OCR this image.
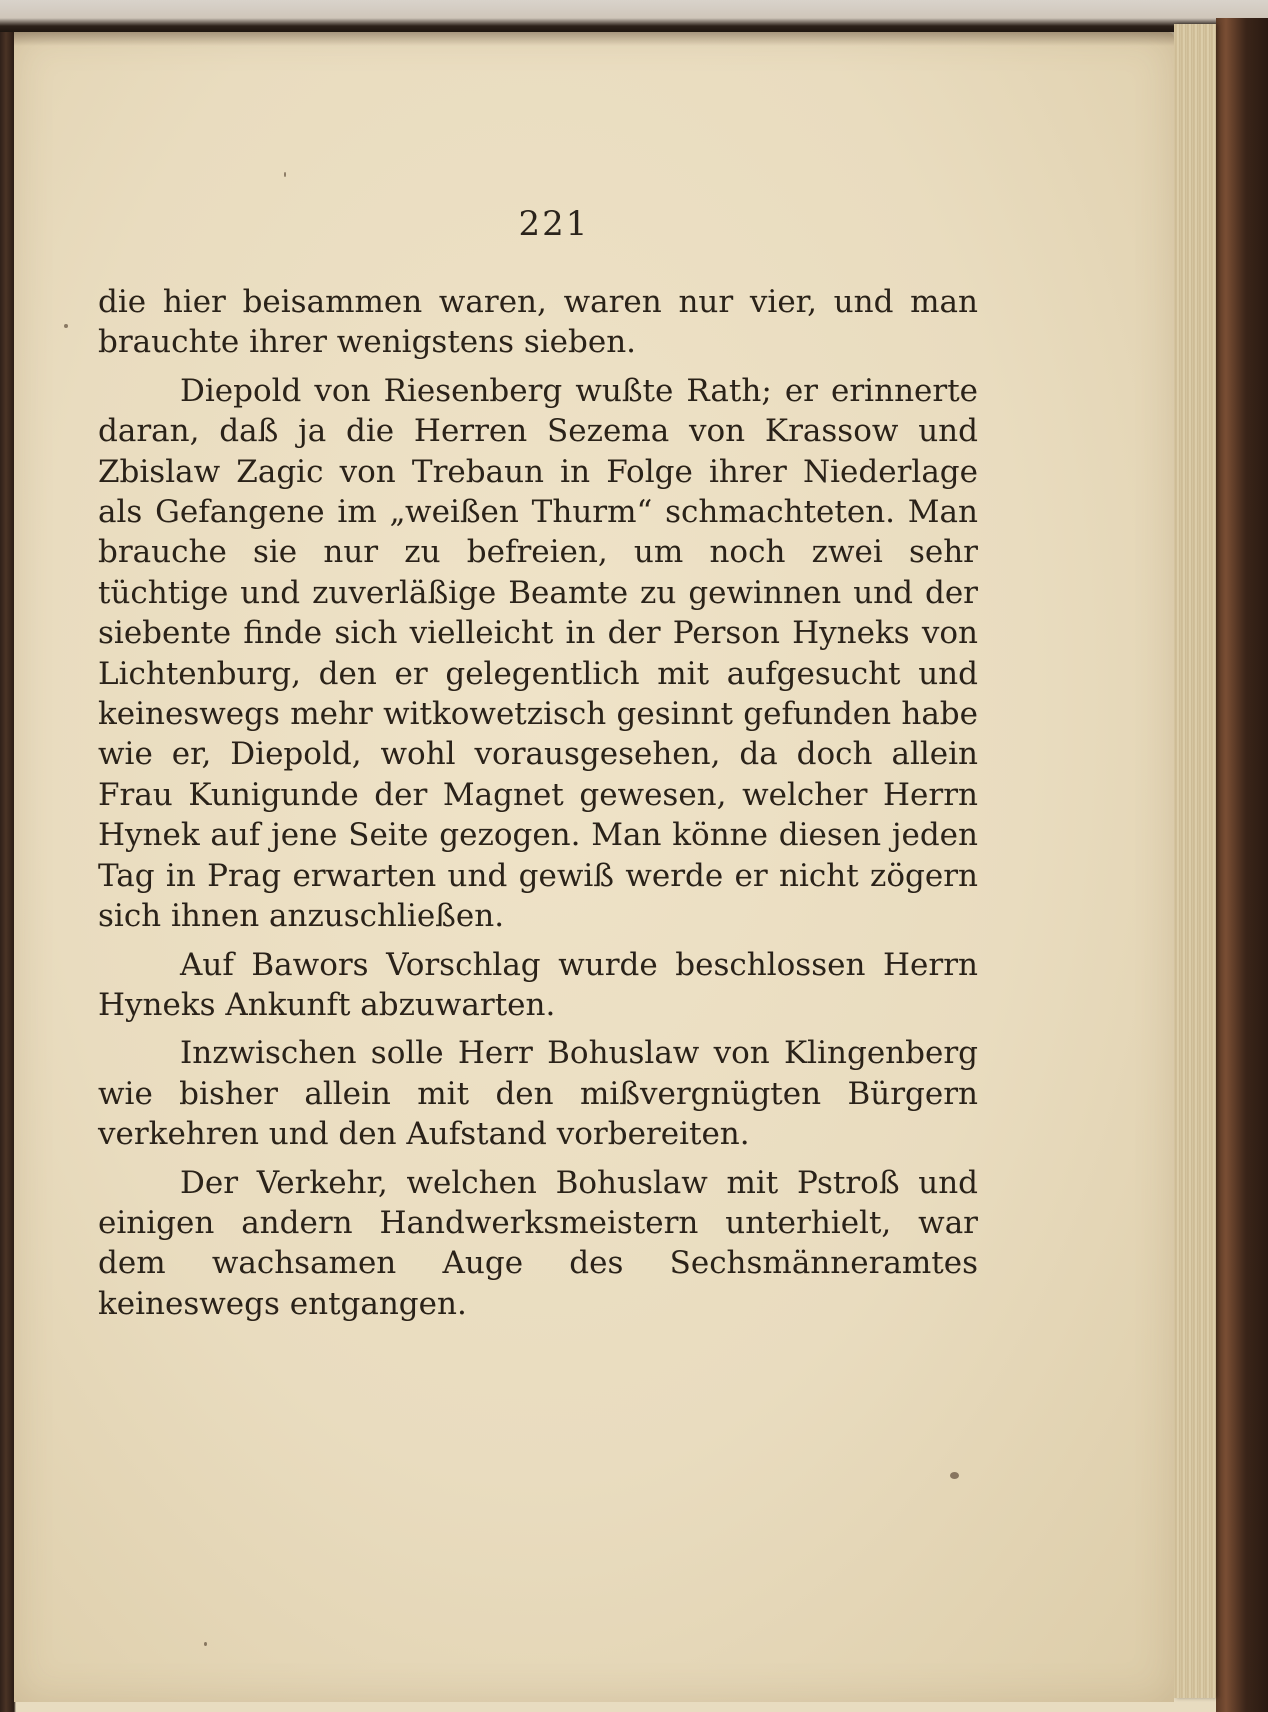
221

die hier beisammen waren, waren nur vier, und man brauchte ihrer wenigstens sieben.

Diepold von Riesenberg wußte Rath; er erinnerte daran, daß ja die Herren Sezema von Krassow und Zbislaw Zagic von Trebaun in Folge ihrer Niederlage als Gefangene im „weißen Thurm“ schmachteten. Man brauche sie nur zu befreien, um noch zwei sehr tüchtige und zuverläßige Beamte zu gewinnen und der siebente finde sich vielleicht in der Person Hyneks von Lichtenburg, den er gelegentlich mit aufgesucht und keineswegs mehr witkowetzisch gesinnt gefunden habe wie er, Diepold, wohl vorausgesehen, da doch allein Frau Kunigunde der Magnet gewesen, welcher Herrn Hynek auf jene Seite gezogen. Man könne diesen jeden Tag in Prag erwarten und gewiß werde er nicht zögern sich ihnen anzuschließen.

Auf Bawors Vorschlag wurde beschlossen Herrn Hyneks Ankunft abzuwarten.

Inzwischen solle Herr Bohuslaw von Klingenberg wie bisher allein mit den mißvergnügten Bürgern verkehren und den Aufstand vorbereiten.

Der Verkehr, welchen Bohuslaw mit Pstroß und einigen andern Handwerksmeistern unterhielt, war dem wachsamen Auge des Sechsmänneramtes keineswegs entgangen.
